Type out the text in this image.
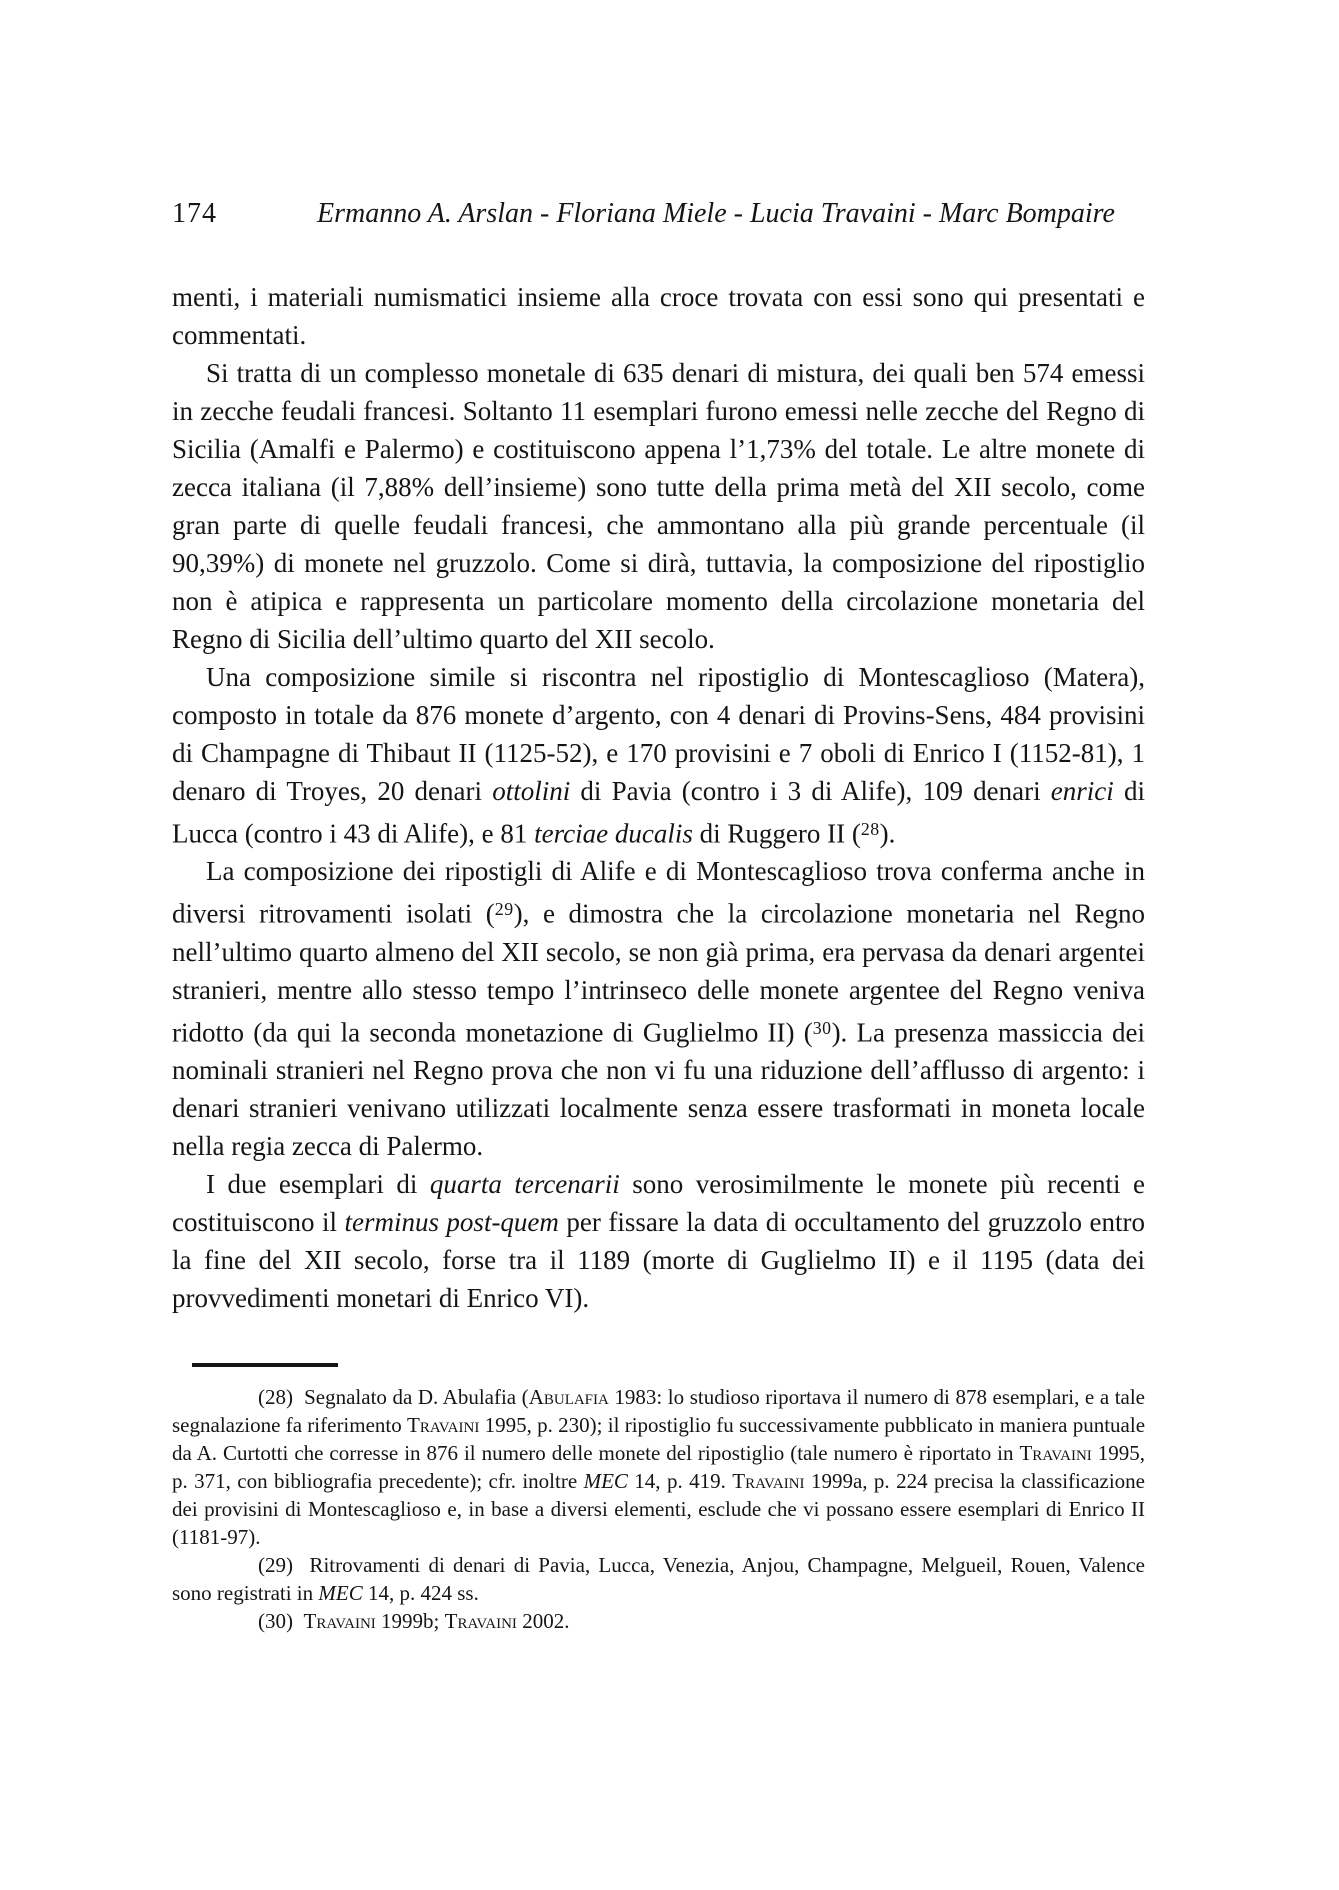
174	Ermanno A. Arslan - Floriana Miele - Lucia Travaini - Marc Bompaire

menti, i materiali numismatici insieme alla croce trovata con essi sono qui presentati e commentati.

Si tratta di un complesso monetale di 635 denari di mistura, dei quali ben 574 emessi in zecche feudali francesi. Soltanto 11 esemplari furono emessi nelle zecche del Regno di Sicilia (Amalfi e Palermo) e costituiscono appena l’1,73% del totale. Le altre monete di zecca italiana (il 7,88% dell’insieme) sono tutte della prima metà del XII secolo, come gran parte di quelle feudali francesi, che ammontano alla più grande percentuale (il 90,39%) di monete nel gruzzolo. Come si dirà, tuttavia, la composizione del ripostiglio non è atipica e rappresenta un particolare momento della circolazione monetaria del Regno di Sicilia dell’ultimo quarto del XII secolo.

Una composizione simile si riscontra nel ripostiglio di Montescaglioso (Matera), composto in totale da 876 monete d’argento, con 4 denari di Provins-Sens, 484 provisini di Champagne di Thibaut II (1125-52), e 170 provisini e 7 oboli di Enrico I (1152-81), 1 denaro di Troyes, 20 denari ottolini di Pavia (contro i 3 di Alife), 109 denari enrici di Lucca (contro i 43 di Alife), e 81 terciae ducalis di Ruggero II ($^{28}$).

La composizione dei ripostigli di Alife e di Montescaglioso trova conferma anche in diversi ritrovamenti isolati ($^{29}$), e dimostra che la circolazione monetaria nel Regno nell’ultimo quarto almeno del XII secolo, se non già prima, era pervasa da denari argentei stranieri, mentre allo stesso tempo l’intrinseco delle monete argentee del Regno veniva ridotto (da qui la seconda monetazione di Guglielmo II) ($^{30}$). La presenza massiccia dei nominali stranieri nel Regno prova che non vi fu una riduzione dell’afflusso di argento: i denari stranieri venivano utilizzati localmente senza essere trasformati in moneta locale nella regia zecca di Palermo.

I due esemplari di quarta tercenarii sono verosimilmente le monete più recenti e costituiscono il terminus post-quem per fissare la data di occultamento del gruzzolo entro la fine del XII secolo, forse tra il 1189 (morte di Guglielmo II) e il 1195 (data dei provvedimenti monetari di Enrico VI).

(28)  Segnalato da D. Abulafia (Abulafia 1983: lo studioso riportava il numero di 878 esemplari, e a tale segnalazione fa riferimento Travaini 1995, p. 230); il ripostiglio fu successivamente pubblicato in maniera puntuale da A. Curtotti che corresse in 876 il numero delle monete del ripostiglio (tale numero è riportato in Travaini 1995, p. 371, con bibliografia precedente); cfr. inoltre MEC 14, p. 419. Travaini 1999a, p. 224 precisa la classificazione dei provisini di Montescaglioso e, in base a diversi elementi, esclude che vi possano essere esemplari di Enrico II (1181-97).

(29)  Ritrovamenti di denari di Pavia, Lucca, Venezia, Anjou, Champagne, Melgueil, Rouen, Valence sono registrati in MEC 14, p. 424 ss.

(30)  Travaini 1999b; Travaini 2002.
